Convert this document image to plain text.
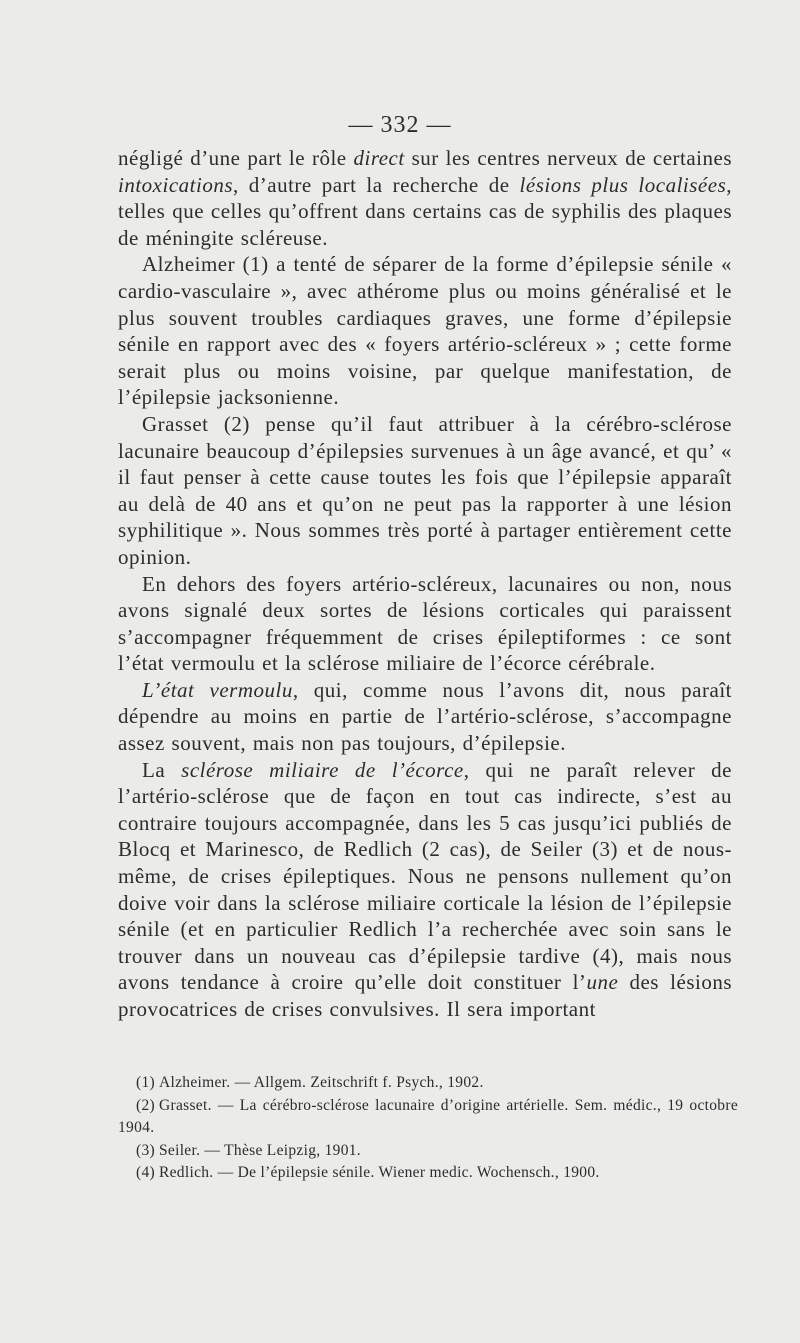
— 332 —

négligé d’une part le rôle direct sur les centres nerveux de certaines intoxications, d’autre part la recherche de lésions plus localisées, telles que celles qu’offrent dans certains cas de syphilis des plaques de méningite scléreuse.

Alzheimer (1) a tenté de séparer de la forme d’épilepsie sénile « cardio-vasculaire », avec athérome plus ou moins généralisé et le plus souvent troubles cardiaques graves, une forme d’épilepsie sénile en rapport avec des « foyers artério-scléreux » ; cette forme serait plus ou moins voisine, par quelque manifestation, de l’épilepsie jacksonienne.

Grasset (2) pense qu’il faut attribuer à la cérébro-sclérose lacunaire beaucoup d’épilepsies survenues à un âge avancé, et qu’ « il faut penser à cette cause toutes les fois que l’épilepsie apparaît au delà de 40 ans et qu’on ne peut pas la rapporter à une lésion syphilitique ». Nous sommes très porté à partager entièrement cette opinion.

En dehors des foyers artério-scléreux, lacunaires ou non, nous avons signalé deux sortes de lésions corticales qui paraissent s’accompagner fréquemment de crises épileptiformes : ce sont l’état vermoulu et la sclérose miliaire de l’écorce cérébrale.

L’état vermoulu, qui, comme nous l’avons dit, nous paraît dépendre au moins en partie de l’artério-sclérose, s’accompagne assez souvent, mais non pas toujours, d’épilepsie.

La sclérose miliaire de l’écorce, qui ne paraît relever de l’artério-sclérose que de façon en tout cas indirecte, s’est au contraire toujours accompagnée, dans les 5 cas jusqu’ici publiés de Blocq et Marinesco, de Redlich (2 cas), de Seiler (3) et de nous-même, de crises épileptiques. Nous ne pensons nullement qu’on doive voir dans la sclérose miliaire corticale la lésion de l’épilepsie sénile (et en particulier Redlich l’a recherchée avec soin sans le trouver dans un nouveau cas d’épilepsie tardive (4), mais nous avons tendance à croire qu’elle doit constituer l’une des lésions provocatrices de crises convulsives. Il sera important

(1) Alzheimer. — Allgem. Zeitschrift f. Psych., 1902.
(2) Grasset. — La cérébro-sclérose lacunaire d’origine artérielle. Sem. médic., 19 octobre 1904.
(3) Seiler. — Thèse Leipzig, 1901.
(4) Redlich. — De l’épilepsie sénile. Wiener medic. Wochensch., 1900.
